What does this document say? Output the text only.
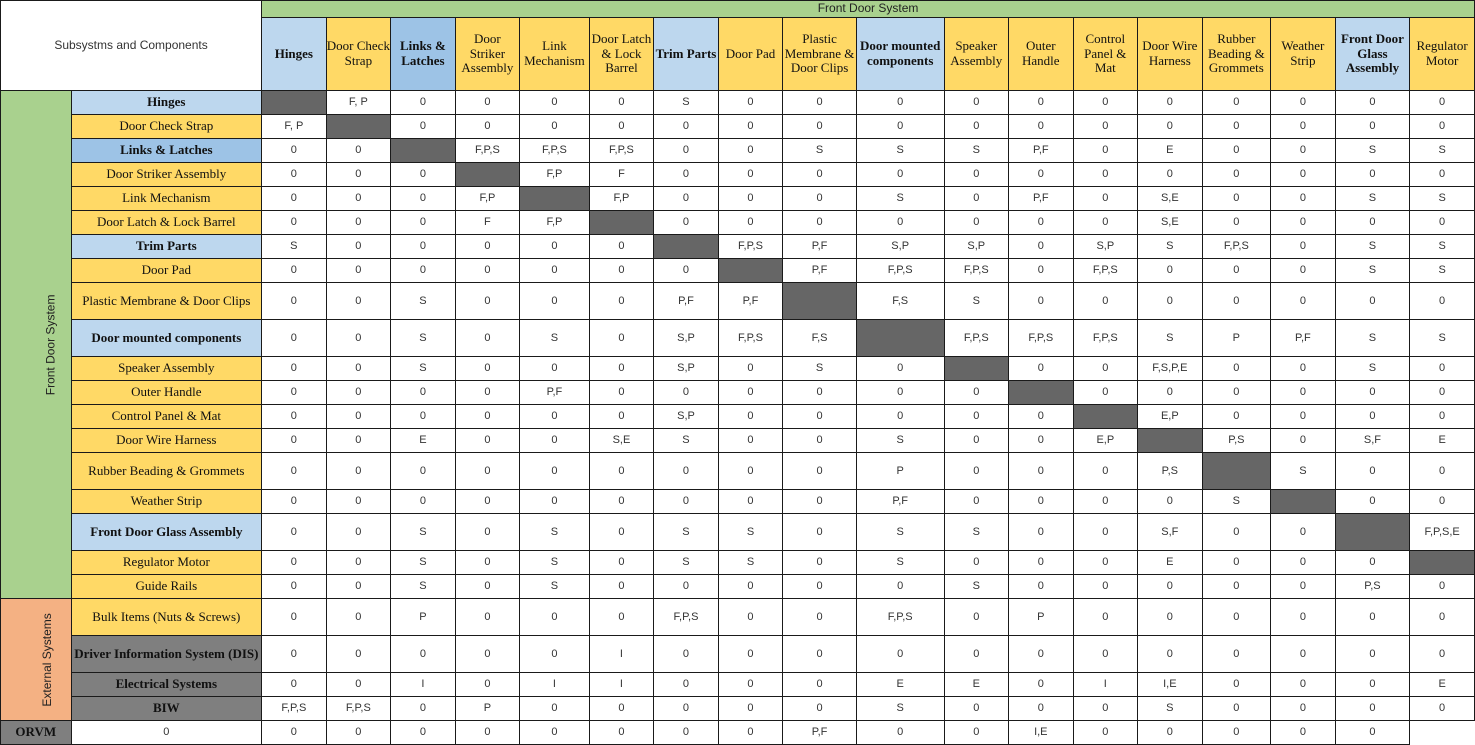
Subsystms and Components		Front Door System																	
		Hinges	Door Check Strap	Links & Latches	Door Striker Assembly	Link Mechanism	Door Latch & Lock Barrel	Trim Parts	Door Pad	Plastic Membrane & Door Clips	Door mounted components	Speaker Assembly	Outer Handle	Control Panel & Mat	Door Wire Harness	Rubber Beading & Grommets	Weather Strip	Front Door Glass Assembly	Regulator Motor
Front Door System	Hinges		F, P	0	0	0	0	S	0	0	0	0	0	0	0	0	0	0	0
	Door Check Strap	F, P		0	0	0	0	0	0	0	0	0	0	0	0	0	0	0	0
	Links & Latches	0	0		F,P,S	F,P,S	F,P,S	0	0	S	S	S	P,F	0	E	0	0	S	S
	Door Striker Assembly	0	0	0		F,P	F	0	0	0	0	0	0	0	0	0	0	0	0
	Link Mechanism	0	0	0	F,P		F,P	0	0	0	S	0	P,F	0	S,E	0	0	S	S
	Door Latch & Lock Barrel	0	0	0	F	F,P		0	0	0	0	0	0	0	S,E	0	0	0	0
	Trim Parts	S	0	0	0	0	0		F,P,S	P,F	S,P	S,P	0	S,P	S	F,P,S	0	S	S
	Door Pad	0	0	0	0	0	0	0		P,F	F,P,S	F,P,S	0	F,P,S	0	0	0	S	S
	Plastic Membrane & Door Clips	0	0	S	0	0	0	P,F	P,F		F,S	S	0	0	0	0	0	0	0
	Door mounted components	0	0	S	0	S	0	S,P	F,P,S	F,S		F,P,S	F,P,S	F,P,S	S	P	P,F	S	S
	Speaker Assembly	0	0	S	0	0	0	S,P	0	S	0		0	0	F,S,P,E	0	0	S	0
	Outer Handle	0	0	0	0	P,F	0	0	0	0	0	0		0	0	0	0	0	0
	Control Panel & Mat	0	0	0	0	0	0	S,P	0	0	0	0	0		E,P	0	0	0	0
	Door Wire Harness	0	0	E	0	0	S,E	S	0	0	S	0	0	E,P		P,S	0	S,F	E
	Rubber Beading & Grommets	0	0	0	0	0	0	0	0	0	P	0	0	0	P,S		S	0	0
	Weather Strip	0	0	0	0	0	0	0	0	0	P,F	0	0	0	0	S		0	0
	Front Door Glass Assembly	0	0	S	0	S	0	S	S	0	S	S	0	0	S,F	0	0		F,P,S,E
	Regulator Motor	0	0	S	0	S	0	S	S	0	S	0	0	0	E	0	0	0	
	Guide Rails	0	0	S	0	S	0	0	0	0	0	S	0	0	0	0	0	P,S	0
External Systems	Bulk Items (Nuts & Screws)	0	0	P	0	0	0	F,P,S	0	0	F,P,S	0	P	0	0	0	0	0	0
	Driver Information System (DIS)	0	0	0	0	0	I	0	0	0	0	0	0	0	0	0	0	0	0
	Electrical Systems	0	0	I	0	I	I	0	0	0	E	E	0	I	I,E	0	0	0	E
	BIW	F,P,S	F,P,S	0	P	0	0	0	0	0	S	0	0	0	S	0	0	0	0
ORVM	0	0	0	0	0	0	0	0	0	P,F	0	0	I,E	0	0	0	0	0	
